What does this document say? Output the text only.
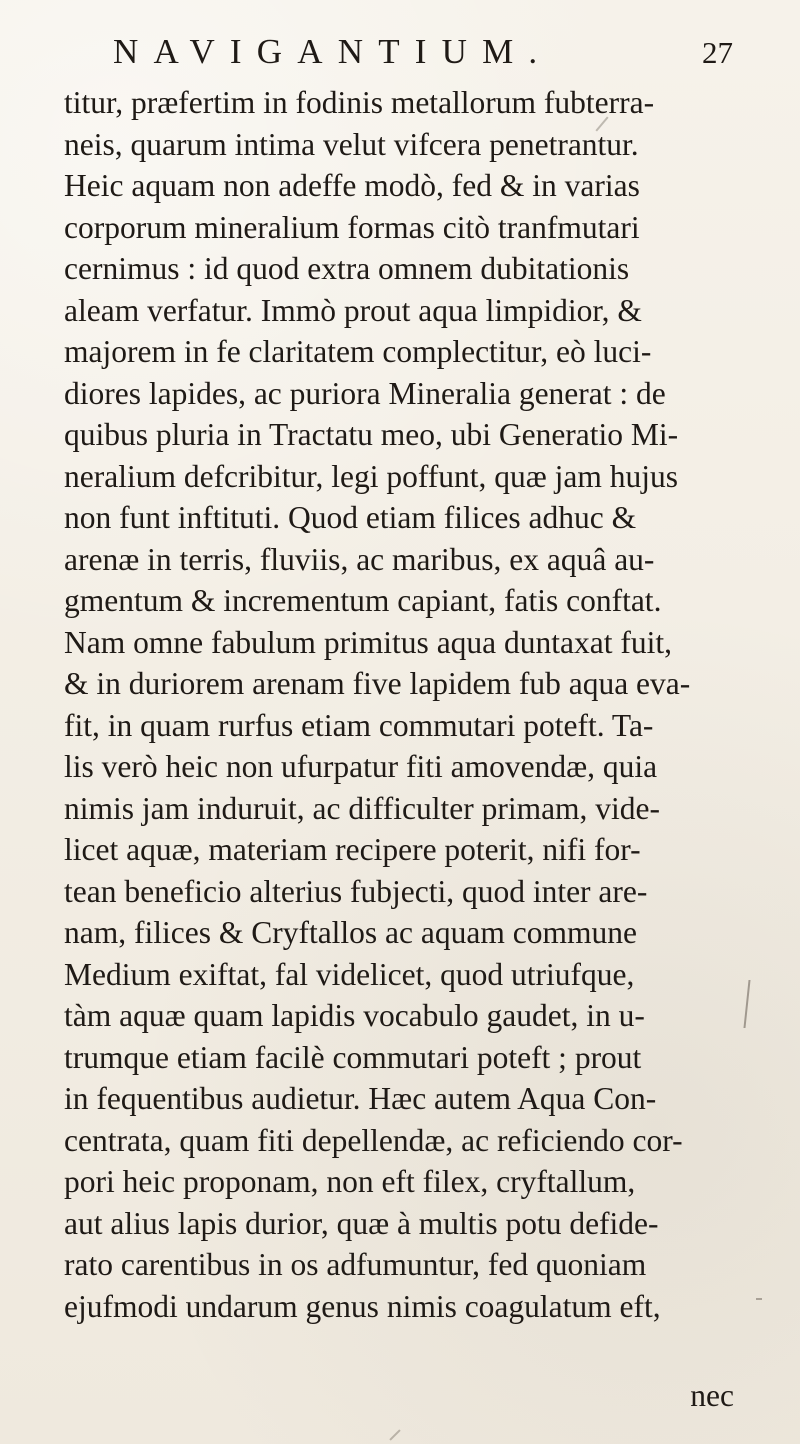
NAVIGANTIUM.	27
titur, præfertim in fodinis metallorum fubterra-
neis, quarum intima velut vifcera penetrantur.
Heic aquam non adeffe modò, fed & in varias
corporum mineralium formas citò tranfmutari
cernimus : id quod extra omnem dubitationis
aleam verfatur. Immò prout aqua limpidior, &
majorem in fe claritatem complectitur, eò luci-
diores lapides, ac puriora Mineralia generat : de
quibus pluria in Tractatu meo, ubi Generatio Mi-
neralium defcribitur, legi poffunt, quæ jam hujus
non funt inftituti. Quod etiam filices adhuc &
arenæ in terris, fluviis, ac maribus, ex aquâ au-
gmentum & incrementum capiant, fatis conftat.
Nam omne fabulum primitus aqua duntaxat fuit,
& in duriorem arenam five lapidem fub aqua eva-
fit, in quam rurfus etiam commutari poteft. Ta-
lis verò heic non ufurpatur fiti amovendæ, quia
nimis jam induruit, ac difficulter primam, vide-
licet aquæ, materiam recipere poterit, nifi for-
tean beneficio alterius fubjecti, quod inter are-
nam, filices & Cryftallos ac aquam commune
Medium exiftat, fal videlicet, quod utriufque,
tàm aquæ quam lapidis vocabulo gaudet, in u-
trumque etiam facilè commutari poteft ; prout
in fequentibus audietur. Hæc autem Aqua Con-
centrata, quam fiti depellendæ, ac reficiendo cor-
pori heic proponam, non eft filex, cryftallum,
aut alius lapis durior, quæ à multis potu defide-
rato carentibus in os adfumuntur, fed quoniam
ejufmodi undarum genus nimis coagulatum eft,
nec
